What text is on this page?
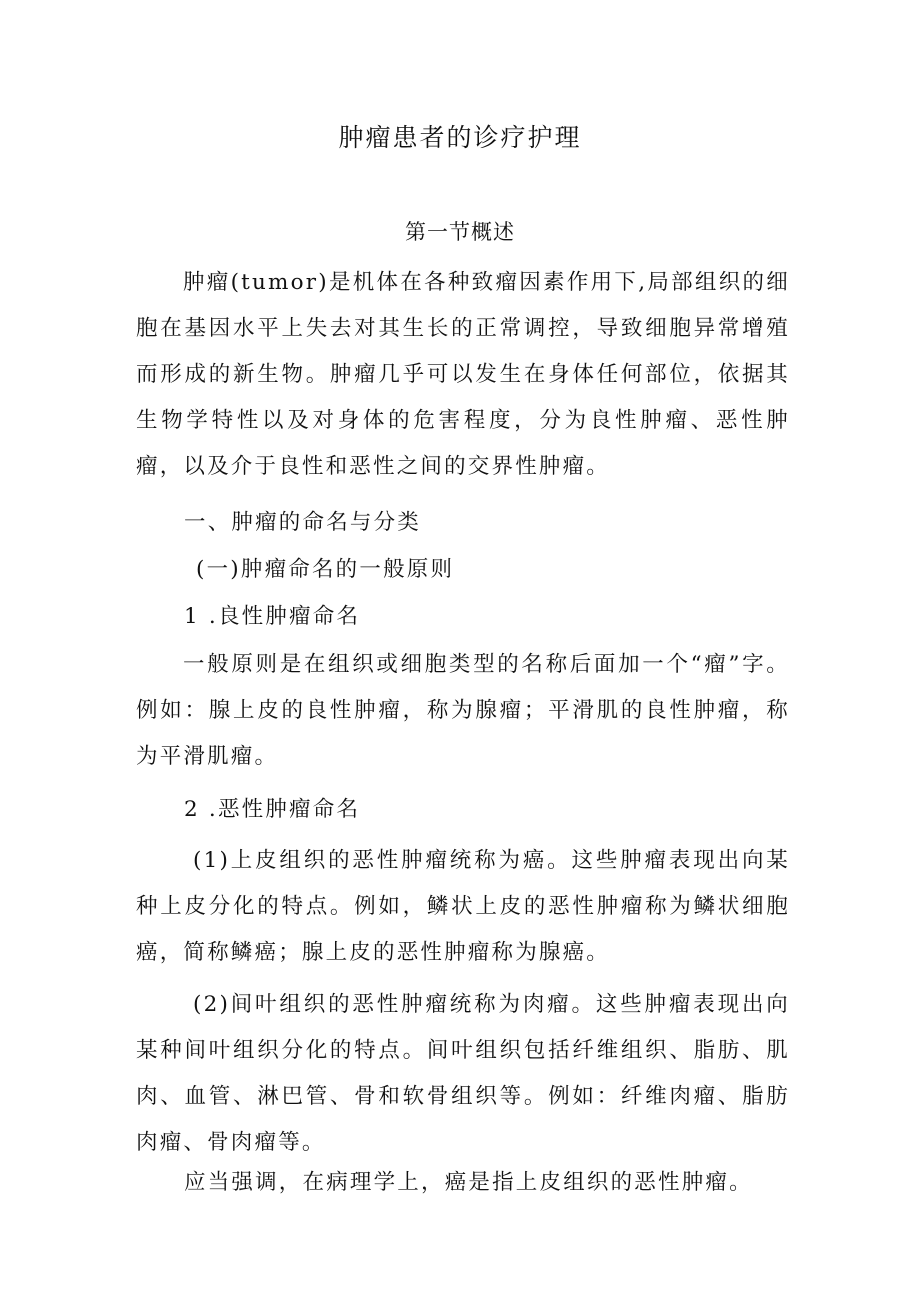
肿瘤患者的诊疗护理
第一节概述

肿瘤(tumor)是机体在各种致瘤因素作用下,局部组织的细胞在基因水平上失去对其生长的正常调控，导致细胞异常增殖而形成的新生物。肿瘤几乎可以发生在身体任何部位，依据其生物学特性以及对身体的危害程度，分为良性肿瘤、恶性肿瘤，以及介于良性和恶性之间的交界性肿瘤。

一、肿瘤的命名与分类
(一)肿瘤命名的一般原则
1 .良性肿瘤命名

一般原则是在组织或细胞类型的名称后面加一个“瘤”字。例如：腺上皮的良性肿瘤，称为腺瘤；平滑肌的良性肿瘤，称为平滑肌瘤。

2 .恶性肿瘤命名

(1)上皮组织的恶性肿瘤统称为癌。这些肿瘤表现出向某种上皮分化的特点。例如，鳞状上皮的恶性肿瘤称为鳞状细胞癌，简称鳞癌；腺上皮的恶性肿瘤称为腺癌。

(2)间叶组织的恶性肿瘤统称为肉瘤。这些肿瘤表现出向某种间叶组织分化的特点。间叶组织包括纤维组织、脂肪、肌肉、血管、淋巴管、骨和软骨组织等。例如：纤维肉瘤、脂肪肉瘤、骨肉瘤等。

应当强调，在病理学上，癌是指上皮组织的恶性肿瘤。
